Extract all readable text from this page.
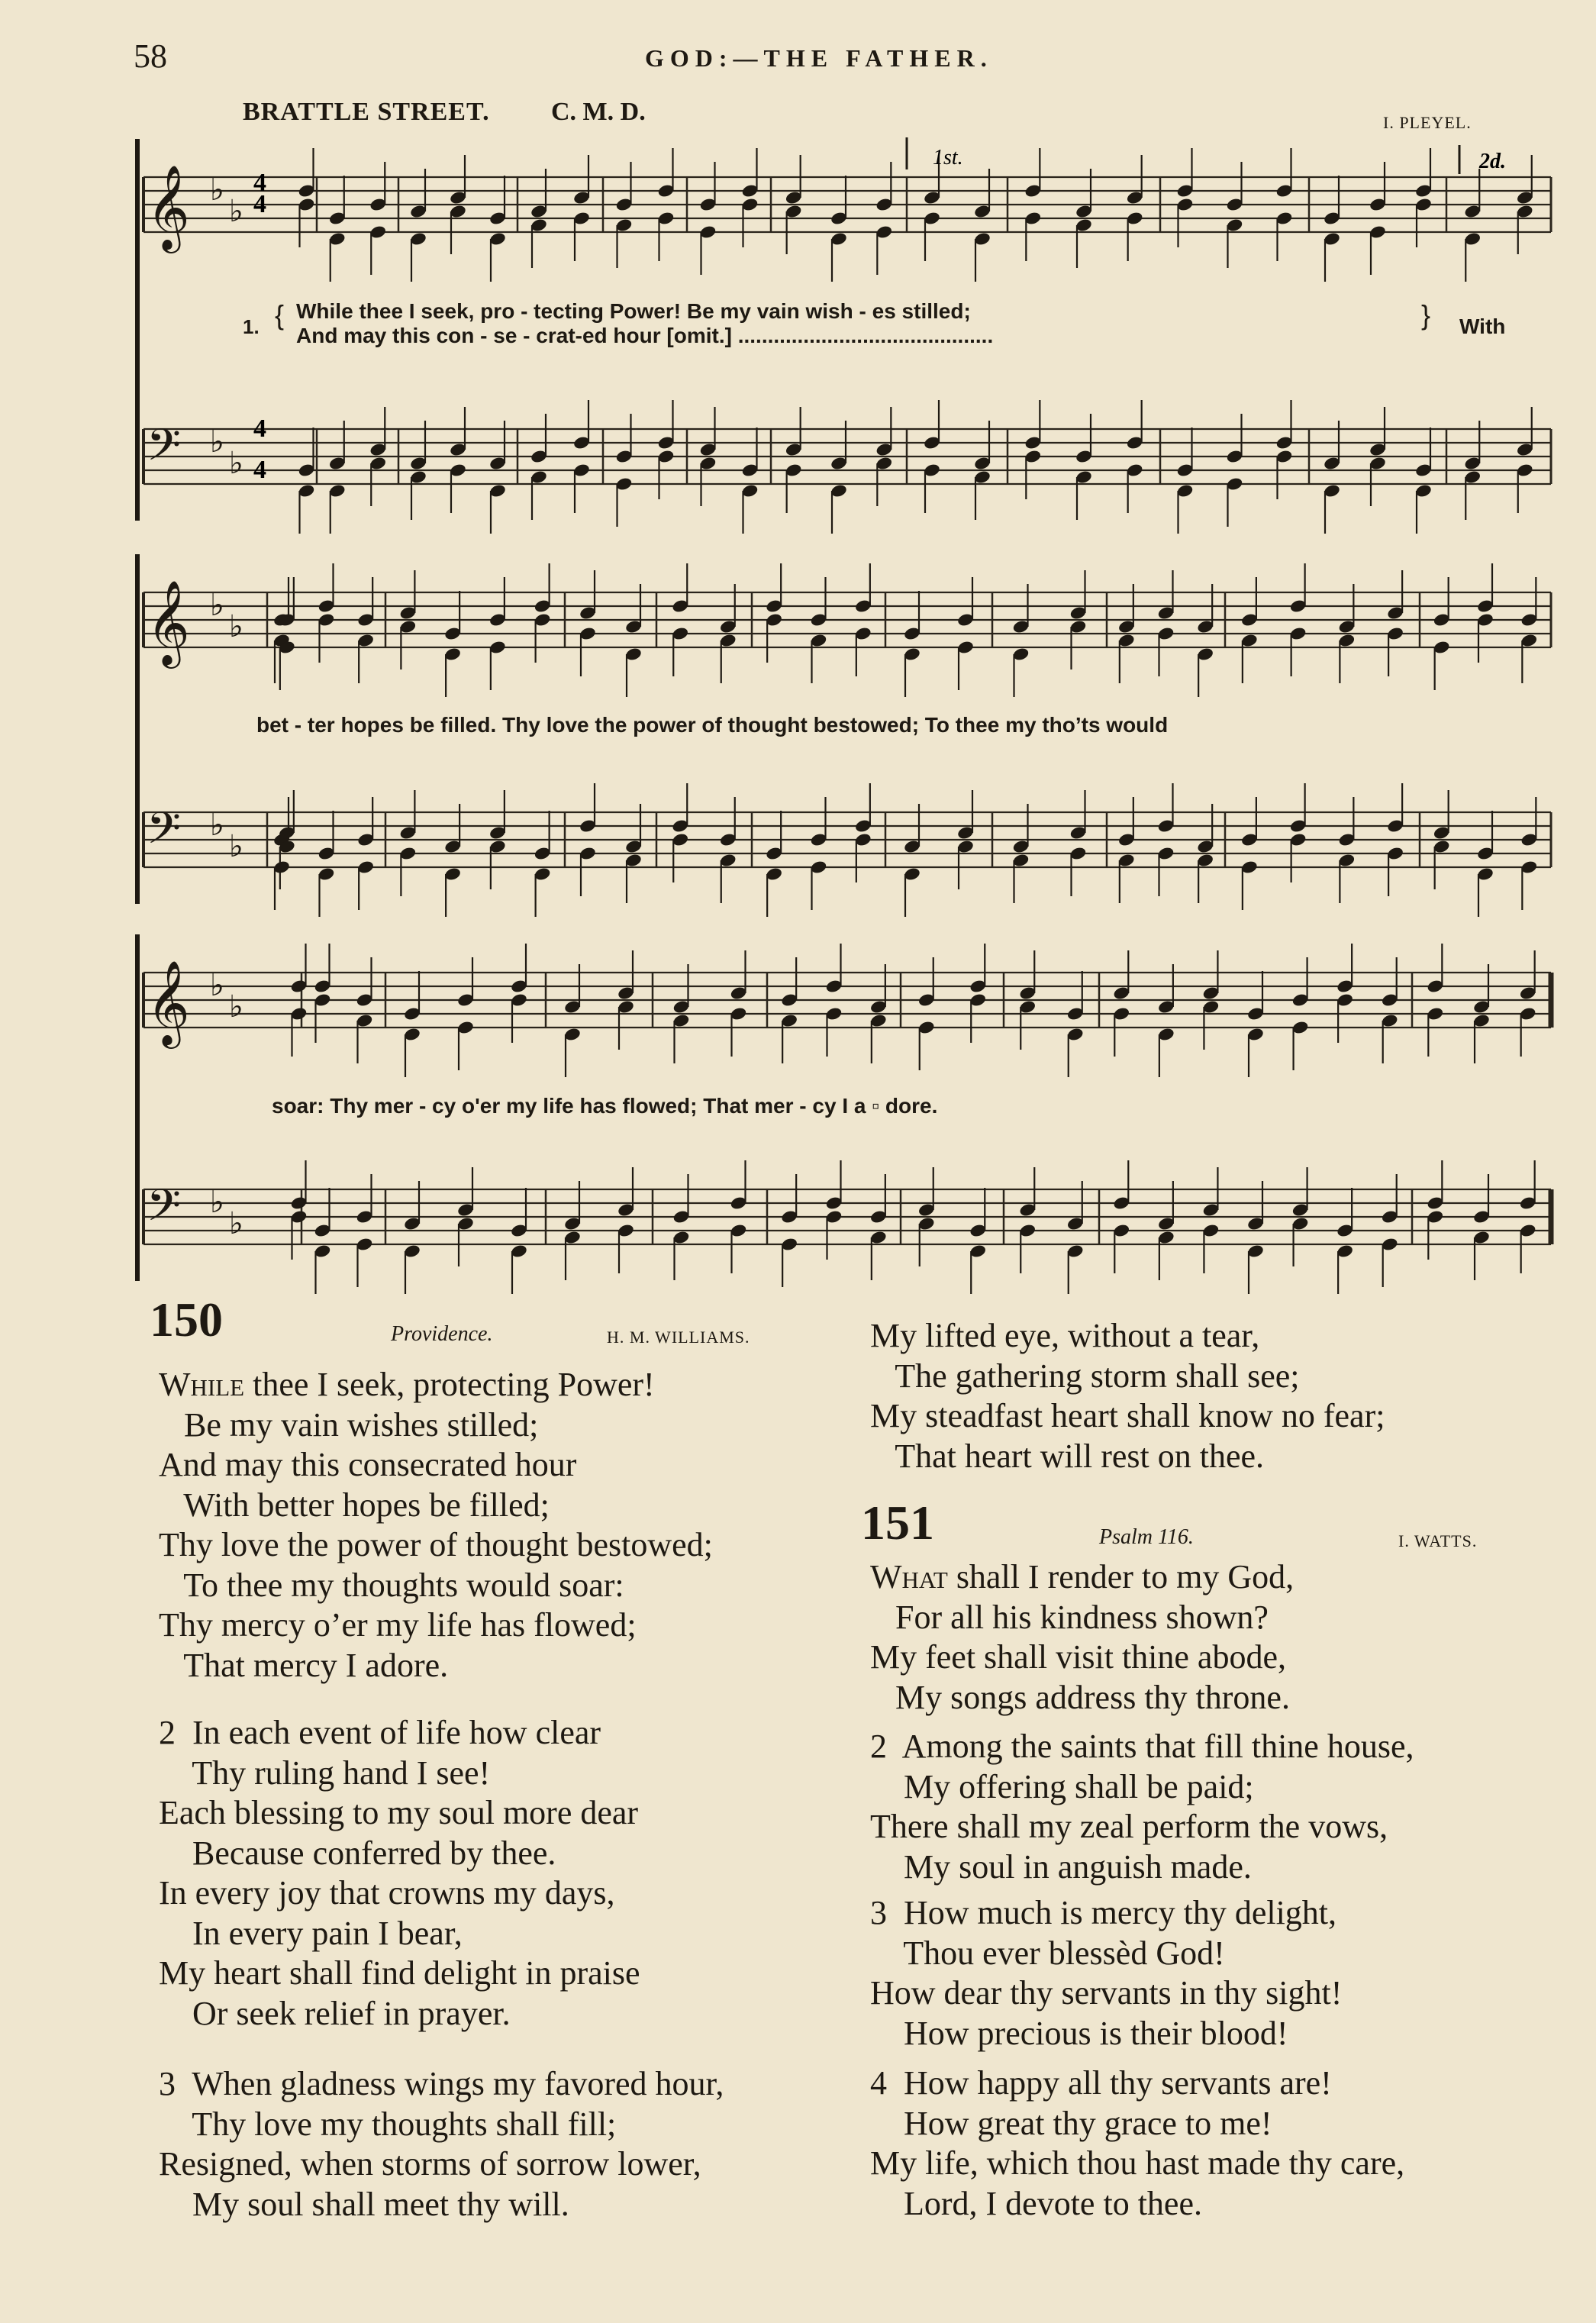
58	GOD:—THE FATHER.
BRATTLE STREET. C. M. D.	I. PLEYEL.
𝄞 ♭
♭
𝄢 ♭
♭
𝄞 ♭
♭
𝄢 ♭
♭
𝄞 ♭
♭
𝄢 ♭
♭
1st.	2d.
4
4
4
4
1. { While thee I seek, pro - tecting Power! Be my vain wish - es stilled;
And may this con - se - crat-ed hour [omit.] ...........................................
} With
bet - ter hopes be filled. Thy love the power of thought bestowed; To thee my tho’ts would
soar: Thy mer - cy o'er my life has flowed; That mer - cy I a ▫ dore.
150	Providence.	H. M. WILLIAMS.
While thee I seek, protecting Power!
Be my vain wishes stilled;
And may this consecrated hour
With better hopes be filled;
Thy love the power of thought bestowed;
To thee my thoughts would soar:
Thy mercy o’er my life has flowed;
That mercy I adore.
2  In each event of life how clear
Thy ruling hand I see!
Each blessing to my soul more dear
Because conferred by thee.
In every joy that crowns my days,
In every pain I bear,
My heart shall find delight in praise
Or seek relief in prayer.
3  When gladness wings my favored hour,
Thy love my thoughts shall fill;
Resigned, when storms of sorrow lower,
My soul shall meet thy will.
My lifted eye, without a tear,
The gathering storm shall see;
My steadfast heart shall know no fear;
That heart will rest on thee.
151	Psalm 116.	I. WATTS.
What shall I render to my God,
For all his kindness shown?
My feet shall visit thine abode,
My songs address thy throne.
2  Among the saints that fill thine house,
My offering shall be paid;
There shall my zeal perform the vows,
My soul in anguish made.
3  How much is mercy thy delight,
Thou ever blessèd God!
How dear thy servants in thy sight!
How precious is their blood!
4  How happy all thy servants are!
How great thy grace to me!
My life, which thou hast made thy care,
Lord, I devote to thee.
